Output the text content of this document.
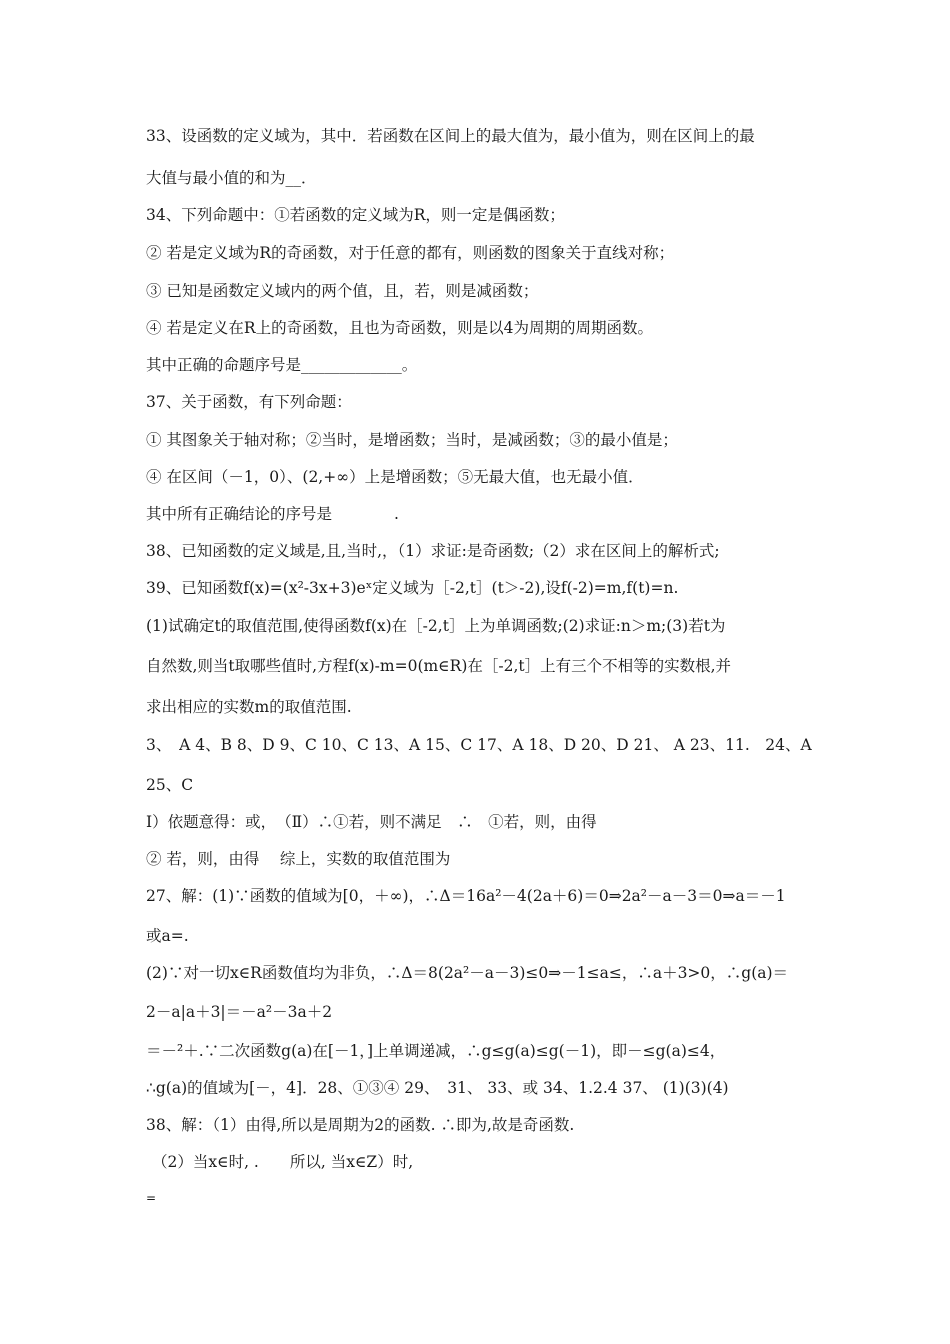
33、设函数的定义域为，其中．若函数在区间上的最大值为，最小值为，则在区间上的最
大值与最小值的和为__．
34、下列命题中：①若函数的定义域为R，则一定是偶函数；
② 若是定义域为R的奇函数，对于任意的都有，则函数的图象关于直线对称；
③ 已知是函数定义域内的两个值，且，若，则是减函数；
④ 若是定义在R上的奇函数，且也为奇函数，则是以4为周期的周期函数。
其中正确的命题序号是_____________。
37、关于函数，有下列命题：
① 其图象关于轴对称；②当时，是增函数；当时，是减函数；③的最小值是；
④ 在区间（－1，0）、(2,+∞）上是增函数；⑤无最大值，也无最小值．
其中所有正确结论的序号是　　　　.
38、已知函数的定义域是,且,当时,，（1）求证:是奇函数;（2）求在区间上的解析式;
39、已知函数f(x)=(x²-3x+3)eˣ定义域为［-2,t］(t＞-2),设f(-2)=m,f(t)=n.
(1)试确定t的取值范围,使得函数f(x)在［-2,t］上为单调函数;(2)求证:n＞m;(3)若t为
自然数,则当t取哪些值时,方程f(x)-m=0(m∈R)在［-2,t］上有三个不相等的实数根,并
求出相应的实数m的取值范围.
3、　A 4、B 8、D 9、C 10、C 13、A 15、C 17、A 18、D 20、D 21、 A 23、11.　24、A
25、C
I）依题意得：或，　（Ⅱ）∴①若，则不满足　∴　①若，则，由得
② 若，则，由得　 综上，实数的取值范围为
27、解：(1)∵函数的值域为[0，＋∞)，∴Δ＝16a²－4(2a＋6)＝0⇒2a²－a－3＝0⇒a＝－1
或a=.
(2)∵对一切x∈R函数值均为非负，∴Δ＝8(2a²－a－3)≤0⇒－1≤a≤，∴a＋3>0，∴g(a)＝
2－a|a＋3|＝－a²－3a＋2
＝－²＋.∵二次函数g(a)在[－1，]上单调递减，∴g≤g(a)≤g(－1)，即－≤g(a)≤4，
∴g(a)的值域为[－，4]．28、①③④ 29、　31、 33、或 34、1.2.4 37、 (1)(3)(4)
38、解：（1）由得,所以是周期为2的函数. ∴即为,故是奇函数.
（2）当x∈时, .　　所以, 当x∈Z）时,
=
